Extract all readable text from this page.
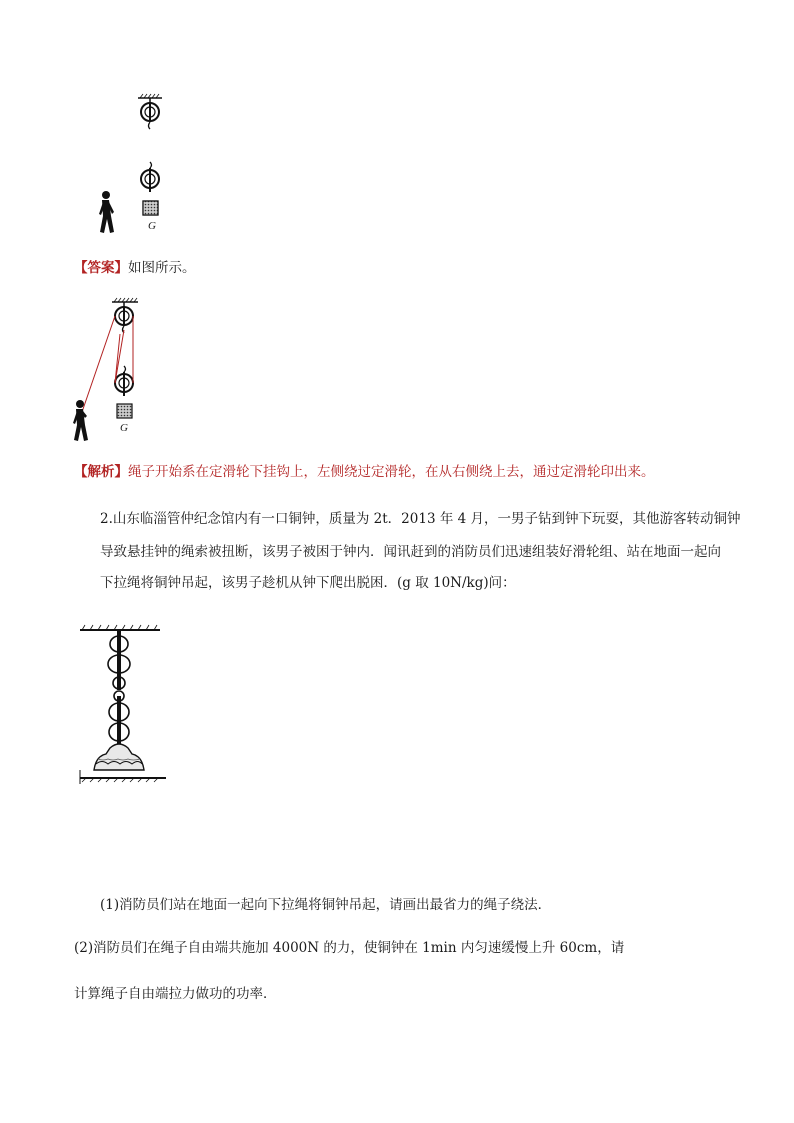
G
【答案】如图所示。
G
【解析】绳子开始系在定滑轮下挂钩上，左侧绕过定滑轮，在从右侧绕上去，通过定滑轮印出来。
2.山东临淄管仲纪念馆内有一口铜钟，质量为 2t．2013 年 4 月，一男子钻到钟下玩耍，其他游客转动铜钟
导致悬挂钟的绳索被扭断，该男子被困于钟内．闻讯赶到的消防员们迅速组装好滑轮组、站在地面一起向
下拉绳将铜钟吊起，该男子趁机从钟下爬出脱困．(g 取 10N/kg)问：
(1)消防员们站在地面一起向下拉绳将铜钟吊起，请画出最省力的绳子绕法．
(2)消防员们在绳子自由端共施加 4000N 的力，使铜钟在 1min 内匀速缓慢上升 60cm，请
计算绳子自由端拉力做功的功率．
